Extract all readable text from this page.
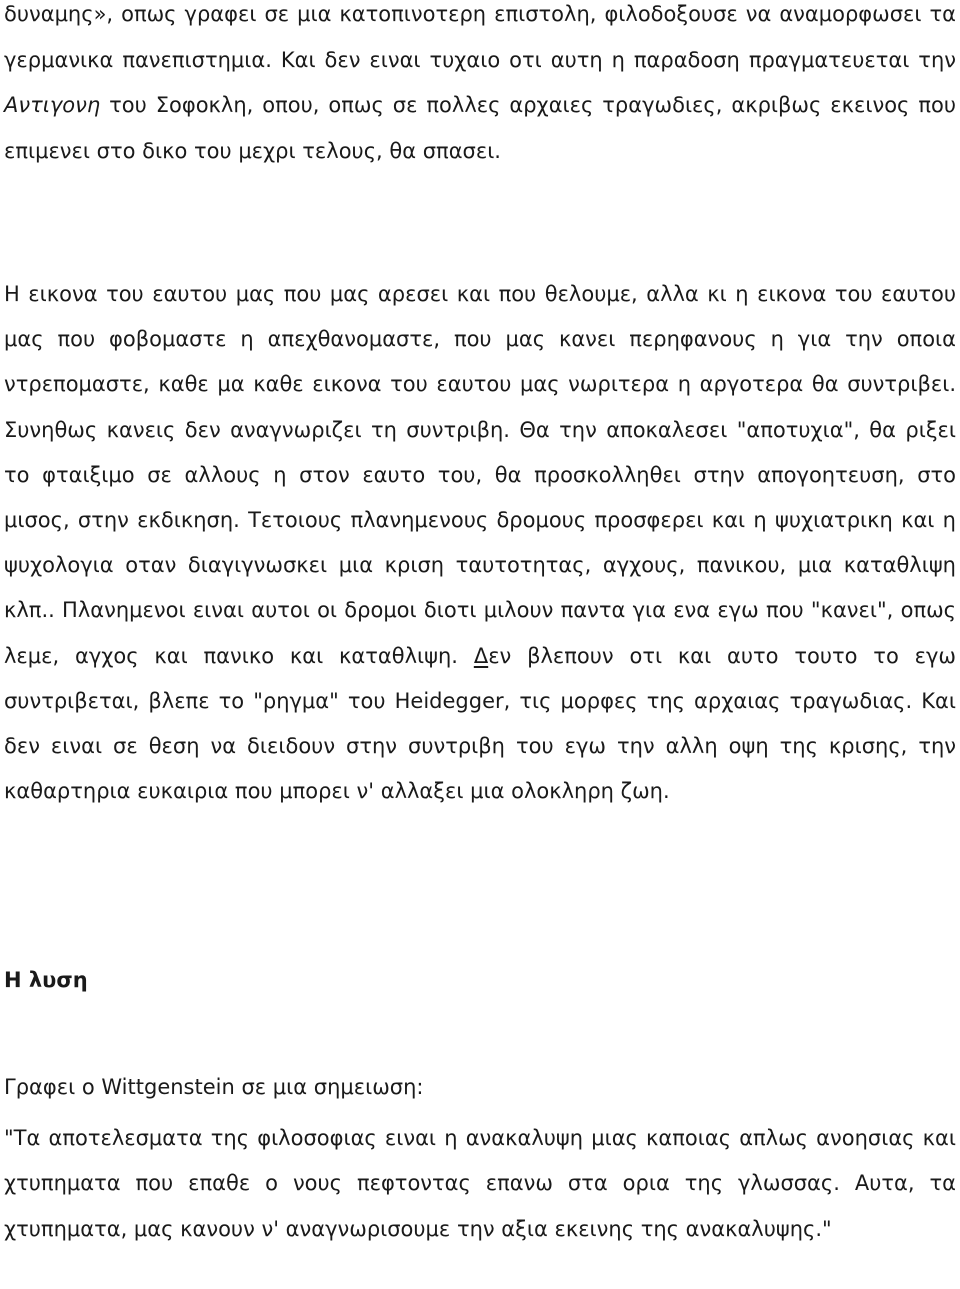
δυναμης», οπως γραφει σε μια κατοπινοτερη επιστολη, φιλοδοξουσε να αναμορφωσει τα γερμανικα πανεπιστημια. Και δεν ειναι τυχαιο οτι αυτη η παραδοση πραγματευεται την Αντιγονη του Σοφοκλη, οπου, οπως σε πολλες αρχαιες τραγωδιες, ακριβως εκεινος που επιμενει στο δικο του μεχρι τελους, θα σπασει.

Η εικονα του εαυτου μας που μας αρεσει και που θελουμε, αλλα κι η εικονα του εαυτου μας που φοβομαστε η απεχθανομαστε, που μας κανει περηφανους η για την οποια ντρεπομαστε, καθε μα καθε εικονα του εαυτου μας νωριτερα η αργοτερα θα συντριβει. Συνηθως κανεις δεν αναγνωριζει τη συντριβη. Θα την αποκαλεσει "αποτυχια", θα ριξει το φταιξιμο σε αλλους η στον εαυτο του, θα προσκολληθει στην απογοητευση, στο μισος, στην εκδικηση. Τετοιους πλανημενους δρομους προσφερει και η ψυχιατρικη και η ψυχολογια οταν διαγιγνωσκει μια κριση ταυτοτητας, αγχους, πανικου, μια καταθλιψη κλπ.. Πλανημενοι ειναι αυτοι οι δρομοι διοτι μιλουν παντα για ενα εγω που "κανει", οπως λεμε, αγχος και πανικο και καταθλιψη. Δεν βλεπουν οτι και αυτο τουτο το εγω συντριβεται, βλεπε το "ρηγμα" του Heidegger, τις μορφες της αρχαιας τραγωδιας. Και δεν ειναι σε θεση να διειδουν στην συντριβη του εγω την αλλη οψη της κρισης, την καθαρτηρια ευκαιρια που μπορει ν' αλλαξει μια ολοκληρη ζωη.

Η λυση

Γραφει ο Wittgenstein σε μια σημειωση:

"Τα αποτελεσματα της φιλοσοφιας ειναι η ανακαλυψη μιας καποιας απλως ανοησιας και χτυπηματα που επαθε ο νους πεφτοντας επανω στα ορια της γλωσσας. Αυτα, τα χτυπηματα, μας κανουν ν' αναγνωρισουμε την αξια εκεινης της ανακαλυψης."
